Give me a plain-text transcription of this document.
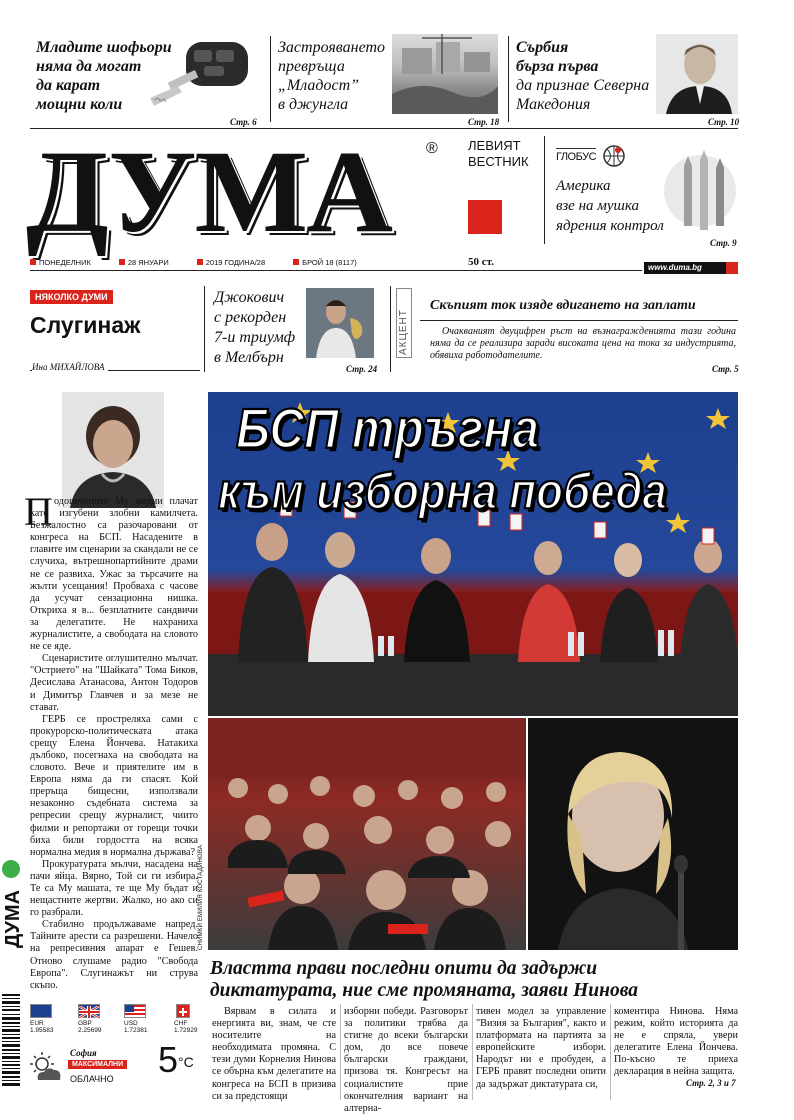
Младите шофьори
няма да могат
да карат
мощни коли
Стр. 6
Застрояването
превръща
„Младост”
в джунгла
Стр. 18
Сърбия
бърза първа
да признае Северна
Македония
Стр. 10
ДУМА	® ЛЕВИЯТ
ВЕСТНИК ГЛОБУС
Америка
взе на мушка
ядрения контрол
Стр. 9
ПОНЕДЕЛНИК	28 ЯНУАРИ	2019 ГОДИНА/28	БРОЙ 18 (8117)	50 ст.	www.duma.bg
НЯКОЛКО ДУМИ
Слугинаж
Ина МИХАЙЛОВА
П одопечените Му медии плачат като изгубени злобни камилчета. Безжалостно са разочаровани от конгреса на БСП. Насадените в главите им сценарии за скандали не се случиха, вътрешнопартийните драми не се развиха. Ужас за търсачите на жълти усещания! Пробваха с часове да усучат сензационна нишка. Откриха я в... безплатните сандвичи за делегатите. Не нахраниха журналистите, а свободата на словото не се яде.

Сценаристите оглушително мълчат. "Острието" на "Шайката" Тома Биков, Десислава Атанасова, Антон Тодоров и Димитър Главчев и за мезе не стават.

ГЕРБ се простреляха сами с прокурорско-политическата атака срещу Елена Йончева. Натакиха дълбоко, посегнаха на свободата на словото. Вече и приятелите им в Европа няма да ги спасят. Кой преръща бищесни, използвали незаконно съдебната система за репресии срещу журналист, чиито филми и репортажи от горещи точки биха били гордостта на всяка нормална медия в нормална държава?

Прокуратурата мълчи, насадена на пачи яйца. Вярно, Той си ги избира. Те са Му машата, те ще Му бъдат и нещастните жертви. Жалко, но ако си го разбрали.

Стабилно продължаваме напред. Тайните арести са разрешени. Начело на репресивния апарат е Гешев. Отново слушаме радио "Свобода Европа". Слугинажът ни струва скъпо.

ДУМА
EUR
1.95583
GBP
2.25699
USD
1.72381
CHF
1.72929
София
МАКСИМАЛНИ
ОБЛАЧНО $5^{^\circ C}$
Джокович
с рекорден
7-и триумф
в Мелбърн
Стр. 24
АКЦЕНТ
Скъпият ток изяде вдигането на заплати
Очакваният двуцифрен ръст на възнагражденията тази година няма да се реализира заради високата цена на тока за индустрията, обявиха работодателите.
Стр. 5
БСП тръгна
към изборна победа
СНИМКИ ЕМИЛИЯ КОСТАДИНОВА
Властта прави последни опити да задържи
диктатурата, ние сме промяната, заяви Нинова
Вярвам в силата и енергията ви, знам, че сте носителите на необходимата промяна. С тези думи Корнелия Нинова се обърна към делегатите на конгреса на БСП в призива си за предстоящи
изборни победи. Разговорът за политики трябва да стигне до всеки български дом, до все повече български граждани, призова тя. Конгресът на социалистите прие окончателния вариант на алтерна-
тивен модел за управление "Визия за България", както и платформата на партията за европейските избори. Народът ни е пробуден, а ГЕРБ правят последни опити да задържат диктатурата си,
коментира Нинова. Няма режим, който историята да не е спряла, увери делегатите Елена Йончева. По-късно те приеха декларация в нейна защита.
Стр. 2, 3 и 7
